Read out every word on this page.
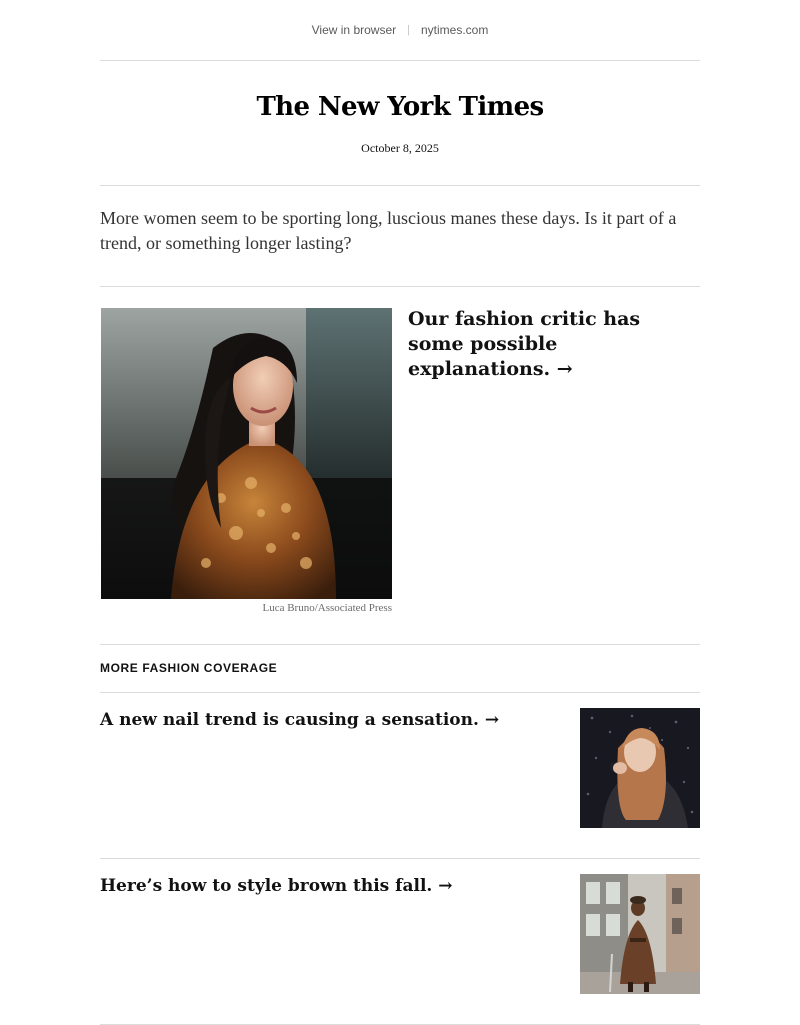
View in browser | nytimes.com
The New York Times
October 8, 2025
More women seem to be sporting long, luscious manes these days. Is it part of a trend, or something longer lasting?
Luca Bruno/Associated Press
Our fashion critic has some possible explanations. →
MORE FASHION COVERAGE
A new nail trend is causing a sensation. →
Here’s how to style brown this fall. →
